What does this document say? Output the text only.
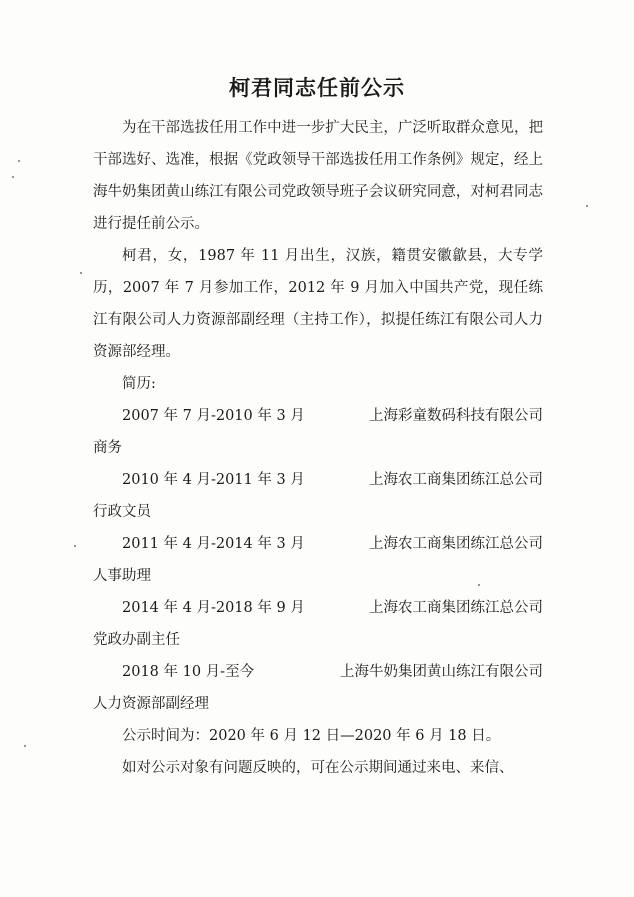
柯君同志任前公示

为在干部选拔任用工作中进一步扩大民主，广泛听取群众意见，把干部选好、选准，根据《党政领导干部选拔任用工作条例》规定，经上海牛奶集团黄山练江有限公司党政领导班子会议研究同意，对柯君同志进行提任前公示。

柯君，女，1987 年 11 月出生，汉族，籍贯安徽歙县，大专学历，2007 年 7 月参加工作，2012 年 9 月加入中国共产党，现任练江有限公司人力资源部副经理（主持工作），拟提任练江有限公司人力资源部经理。

简历:

2007 年 7 月-2010 年 3 月	上海彩童数码科技有限公司
商务
2010 年 4 月-2011 年 3 月	上海农工商集团练江总公司
行政文员
2011 年 4 月-2014 年 3 月	上海农工商集团练江总公司
人事助理
2014 年 4 月-2018 年 9 月	上海农工商集团练江总公司
党政办副主任
2018 年 10 月-至今	上海牛奶集团黄山练江有限公司
人力资源部副经理

公示时间为：2020 年 6 月 12 日—2020 年 6 月 18 日。

如对公示对象有问题反映的，可在公示期间通过来电、来信、
